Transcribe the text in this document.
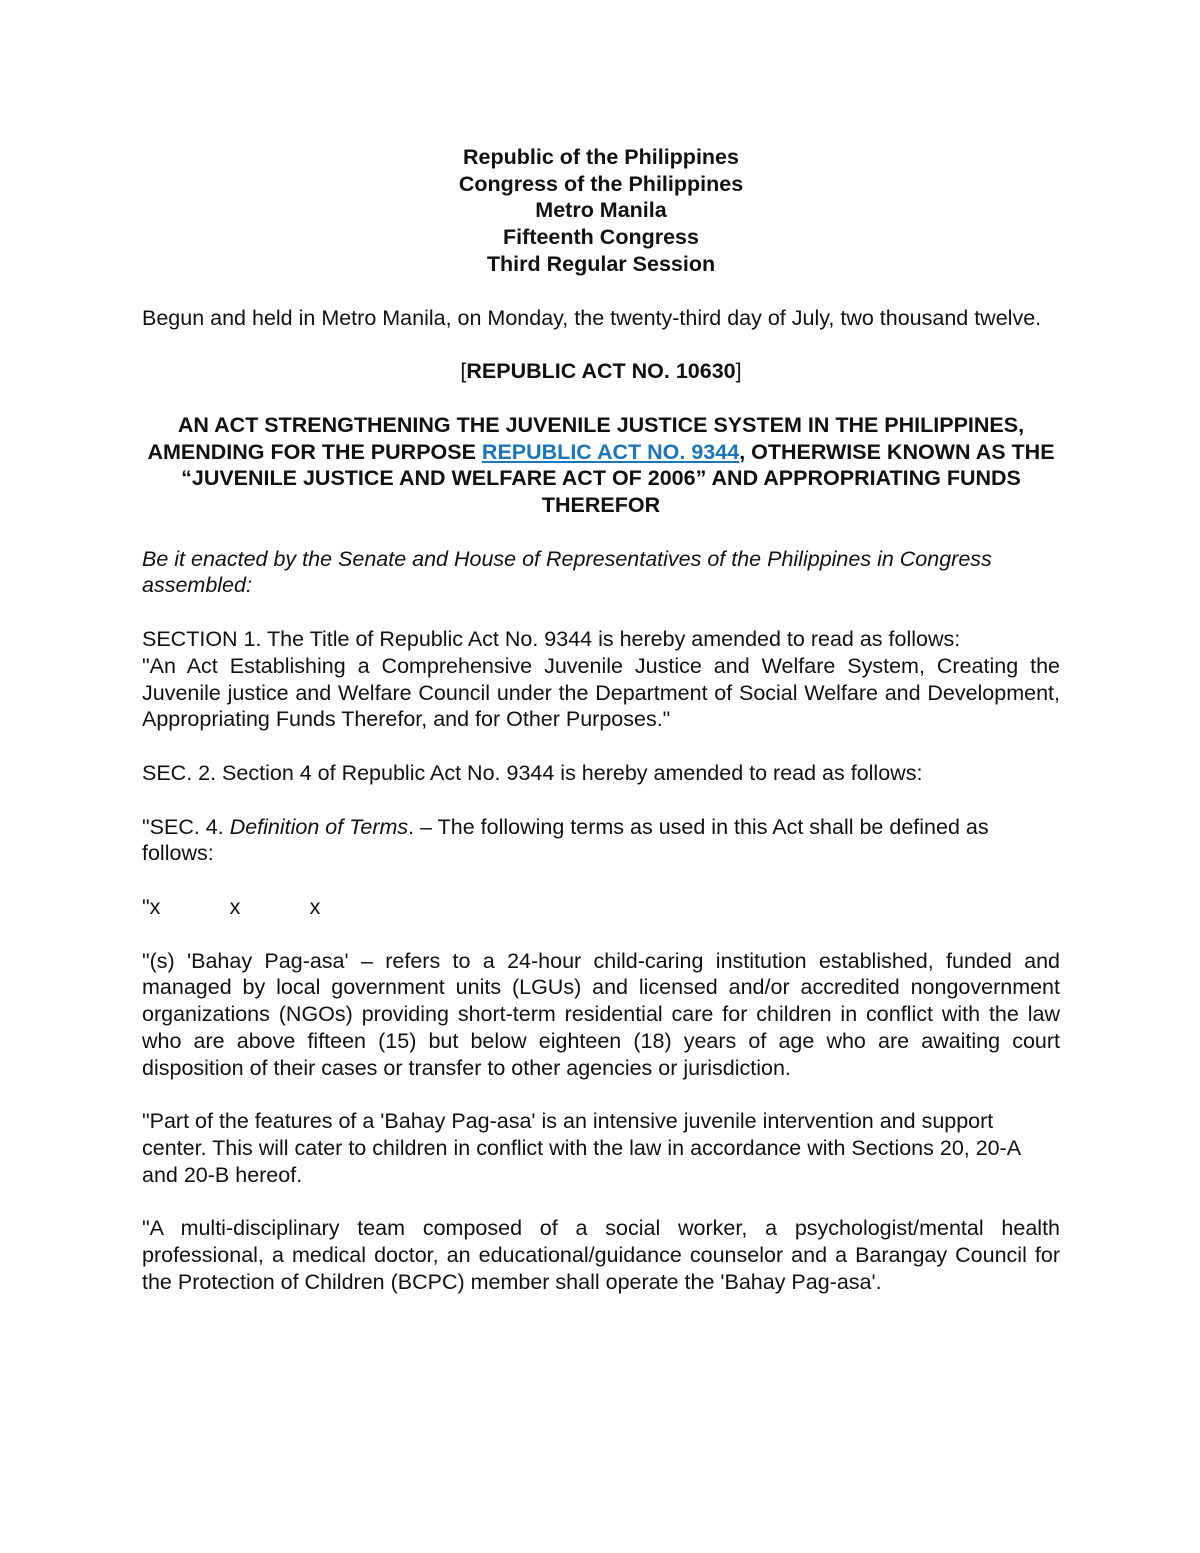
Republic of the Philippines
Congress of the Philippines
Metro Manila
Fifteenth Congress
Third Regular Session

Begun and held in Metro Manila, on Monday, the twenty-third day of July, two thousand twelve.

[REPUBLIC ACT NO. 10630]

AN ACT STRENGTHENING THE JUVENILE JUSTICE SYSTEM IN THE PHILIPPINES, AMENDING FOR THE PURPOSE REPUBLIC ACT NO. 9344, OTHERWISE KNOWN AS THE “JUVENILE JUSTICE AND WELFARE ACT OF 2006” AND APPROPRIATING FUNDS THEREFOR

Be it enacted by the Senate and House of Representatives of the Philippines in Congress assembled:

SECTION 1. The Title of Republic Act No. 9344 is hereby amended to read as follows:
"An Act Establishing a Comprehensive Juvenile Justice and Welfare System, Creating the Juvenile justice and Welfare Council under the Department of Social Welfare and Development, Appropriating Funds Therefor, and for Other Purposes."

SEC. 2. Section 4 of Republic Act No. 9344 is hereby amended to read as follows:

"SEC. 4. Definition of Terms. – The following terms as used in this Act shall be defined as follows:

"x	x	x

"(s) 'Bahay Pag-asa' – refers to a 24-hour child-caring institution established, funded and managed by local government units (LGUs) and licensed and/or accredited nongovernment organizations (NGOs) providing short-term residential care for children in conflict with the law who are above fifteen (15) but below eighteen (18) years of age who are awaiting court disposition of their cases or transfer to other agencies or jurisdiction.

"Part of the features of a 'Bahay Pag-asa' is an intensive juvenile intervention and support center. This will cater to children in conflict with the law in accordance with Sections 20, 20-A and 20-B hereof.

"A multi-disciplinary team composed of a social worker, a psychologist/mental health professional, a medical doctor, an educational/guidance counselor and a Barangay Council for the Protection of Children (BCPC) member shall operate the 'Bahay Pag-asa'.
